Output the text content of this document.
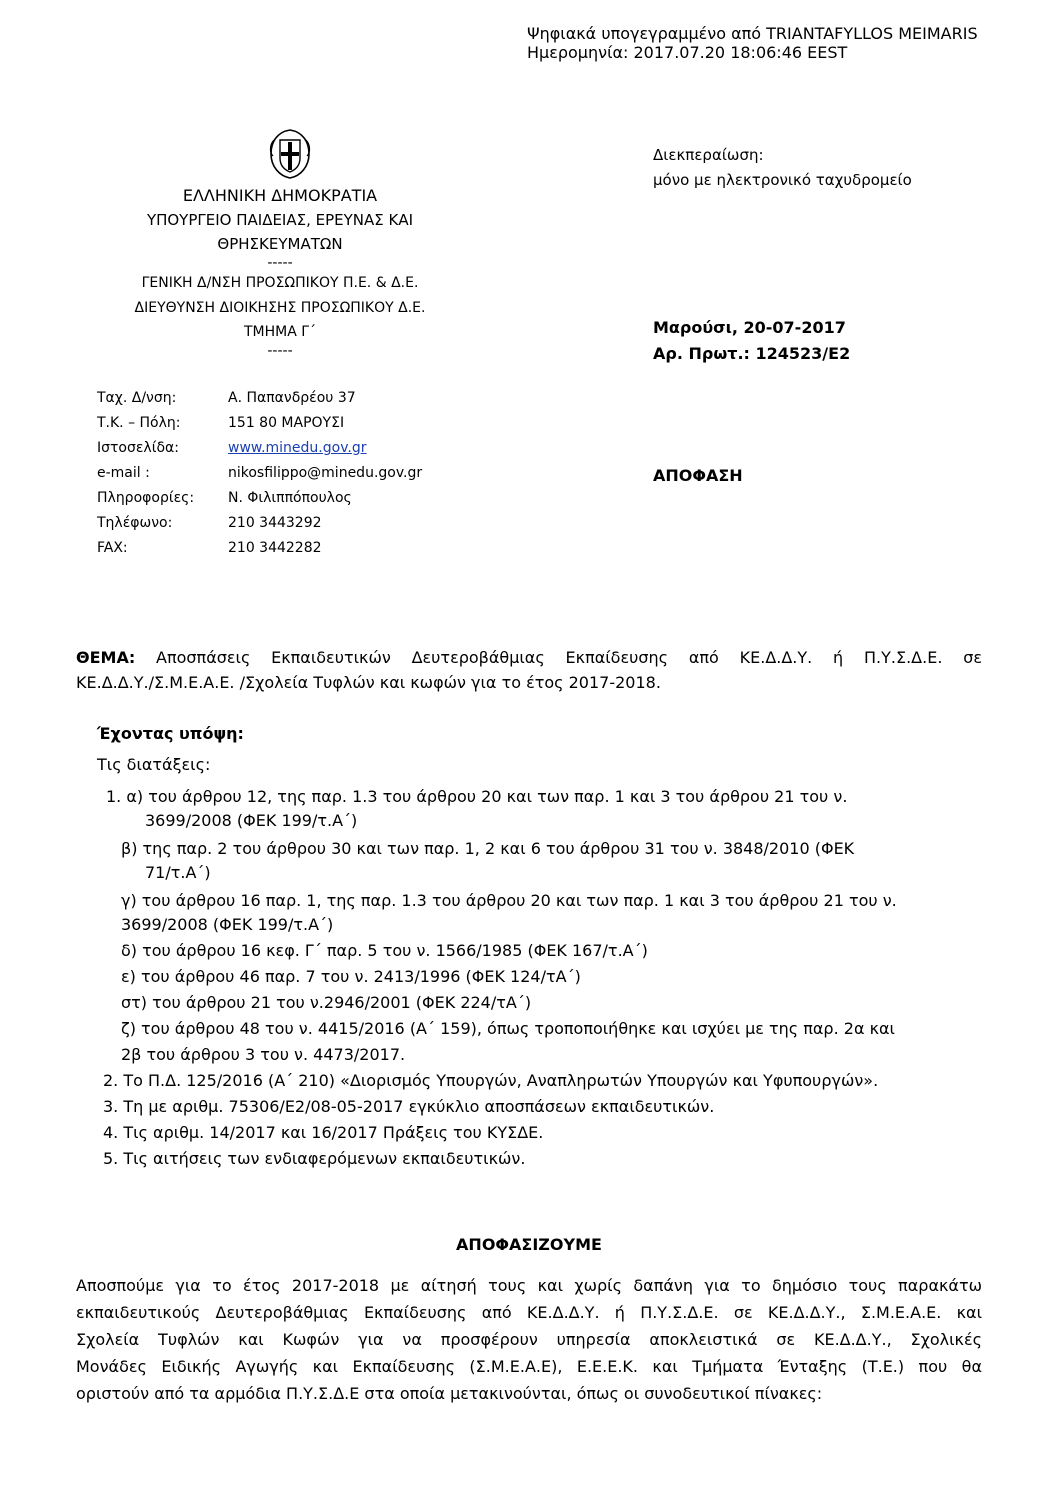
Ψηφιακά υπογεγραμμένο από TRIANTAFYLLOS MEIMARIS
Ημερομηνία: 2017.07.20 18:06:46 EEST
ΕΛΛΗΝΙΚΗ ΔΗΜΟΚΡΑΤΙΑ
ΥΠΟΥΡΓΕΙΟ ΠΑΙΔΕΙΑΣ, ΕΡΕΥΝΑΣ ΚΑΙ
ΘΡΗΣΚΕΥΜΑΤΩΝ
-----
ΓΕΝΙΚΗ Δ/ΝΣΗ ΠΡΟΣΩΠΙΚΟΥ Π.Ε. & Δ.Ε.
ΔΙΕΥΘΥΝΣΗ ΔΙΟΙΚΗΣΗΣ ΠΡΟΣΩΠΙΚΟΥ Δ.Ε.
ΤΜΗΜΑ Γ΄
-----
Διεκπεραίωση:
μόνο με ηλεκτρονικό ταχυδρομείο
Μαρούσι, 20-07-2017
Αρ. Πρωτ.: 124523/Ε2
ΑΠΟΦΑΣΗ
Ταχ. Δ/νση:	Α. Παπανδρέου 37
Τ.Κ. – Πόλη:	151 80 ΜΑΡΟΥΣΙ
Ιστοσελίδα:	www.minedu.gov.gr
e-mail :	nikosfilippo@minedu.gov.gr
Πληροφορίες: Ν. Φιλιππόπουλος
Τηλέφωνο:	210 3443292
FAX:	210 3442282
ΘΕΜΑ: Αποσπάσεις Εκπαιδευτικών Δευτεροβάθμιας Εκπαίδευσης από ΚΕ.Δ.Δ.Υ. ή Π.Υ.Σ.Δ.Ε. σε
ΚΕ.Δ.Δ.Υ./Σ.Μ.Ε.Α.Ε. /Σχολεία Τυφλών και κωφών για το έτος 2017-2018.
Έχοντας υπόψη:
Τις διατάξεις:
1. α) του άρθρου 12, της παρ. 1.3 του άρθρου 20 και των παρ. 1 και 3 του άρθρου 21 του ν.
3699/2008 (ΦΕΚ 199/τ.Α΄)
β) της παρ. 2 του άρθρου 30 και των παρ. 1, 2 και 6 του άρθρου 31 του ν. 3848/2010 (ΦΕΚ
71/τ.Α΄)
γ) του άρθρου 16 παρ. 1, της παρ. 1.3 του άρθρου 20 και των παρ. 1 και 3 του άρθρου 21 του ν.
3699/2008 (ΦΕΚ 199/τ.Α΄)
δ) του άρθρου 16 κεφ. Γ΄ παρ. 5 του ν. 1566/1985 (ΦΕΚ 167/τ.Α΄)
ε) του άρθρου 46 παρ. 7 του ν. 2413/1996 (ΦΕΚ 124/τΑ΄)
στ) του άρθρου 21 του ν.2946/2001 (ΦΕΚ 224/τΑ΄)
ζ) του άρθρου 48 του ν. 4415/2016 (Α΄ 159), όπως τροποποιήθηκε και ισχύει με της παρ. 2α και
2β του άρθρου 3 του ν. 4473/2017.
2. Το Π.Δ. 125/2016 (Α΄ 210) «Διορισμός Υπουργών, Αναπληρωτών Υπουργών και Υφυπουργών».
3. Τη με αριθμ. 75306/Ε2/08-05-2017 εγκύκλιο αποσπάσεων εκπαιδευτικών.
4. Τις αριθμ. 14/2017 και 16/2017 Πράξεις του ΚΥΣΔΕ.
5. Τις αιτήσεις των ενδιαφερόμενων εκπαιδευτικών.
ΑΠΟΦΑΣΙΖΟΥΜΕ
Αποσπούμε για το έτος 2017-2018 με αίτησή τους και χωρίς δαπάνη για το δημόσιο τους παρακάτω
εκπαιδευτικούς Δευτεροβάθμιας Εκπαίδευσης από ΚΕ.Δ.Δ.Υ. ή Π.Υ.Σ.Δ.Ε. σε ΚΕ.Δ.Δ.Υ., Σ.Μ.Ε.Α.Ε. και
Σχολεία Τυφλών και Κωφών για να προσφέρουν υπηρεσία αποκλειστικά σε ΚΕ.Δ.Δ.Υ., Σχολικές
Μονάδες Ειδικής Αγωγής και Εκπαίδευσης (Σ.Μ.Ε.Α.Ε), Ε.Ε.Ε.Κ. και Τμήματα Ένταξης (Τ.Ε.) που θα
οριστούν από τα αρμόδια Π.Υ.Σ.Δ.Ε στα οποία μετακινούνται, όπως οι συνοδευτικοί πίνακες:
